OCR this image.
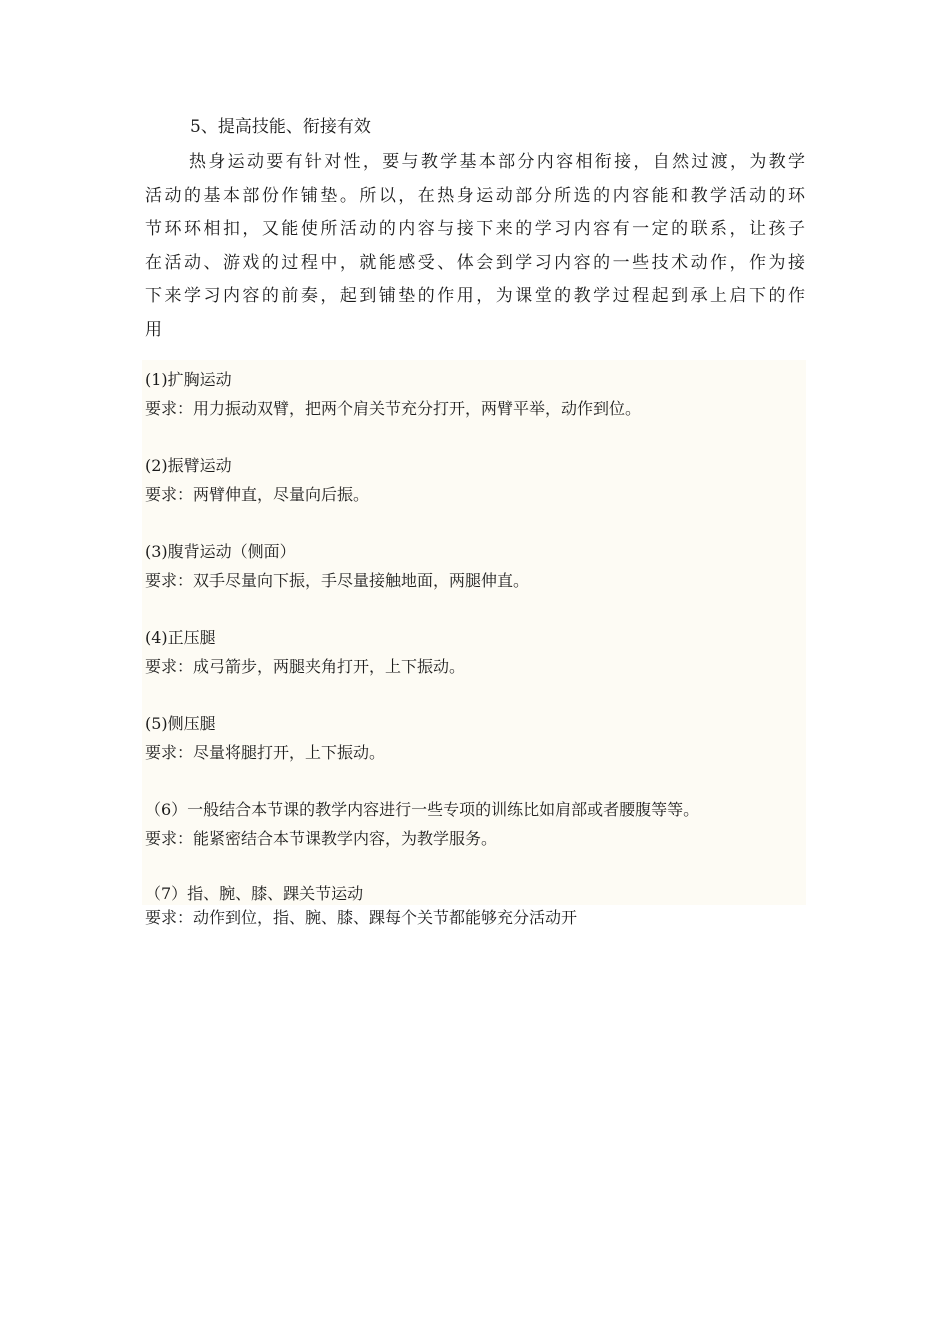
5、提高技能、衔接有效
热身运动要有针对性，要与教学基本部分内容相衔接，自然过渡，为教学
活动的基本部份作铺垫。所以，在热身运动部分所选的内容能和教学活动的环
节环环相扣，又能使所活动的内容与接下来的学习内容有一定的联系，让孩子
在活动、游戏的过程中，就能感受、体会到学习内容的一些技术动作，作为接
下来学习内容的前奏，起到铺垫的作用，为课堂的教学过程起到承上启下的作
用
(1)扩胸运动
要求：用力振动双臂，把两个肩关节充分打开，两臂平举，动作到位。
(2)振臂运动
要求：两臂伸直，尽量向后振。
(3)腹背运动（侧面）
要求：双手尽量向下振，手尽量接触地面，两腿伸直。
(4)正压腿
要求：成弓箭步，两腿夹角打开，上下振动。
(5)侧压腿
要求：尽量将腿打开，上下振动。
（6）一般结合本节课的教学内容进行一些专项的训练比如肩部或者腰腹等等。
要求：能紧密结合本节课教学内容，为教学服务。
（7）指、腕、膝、踝关节运动
要求：动作到位，指、腕、膝、踝每个关节都能够充分活动开
